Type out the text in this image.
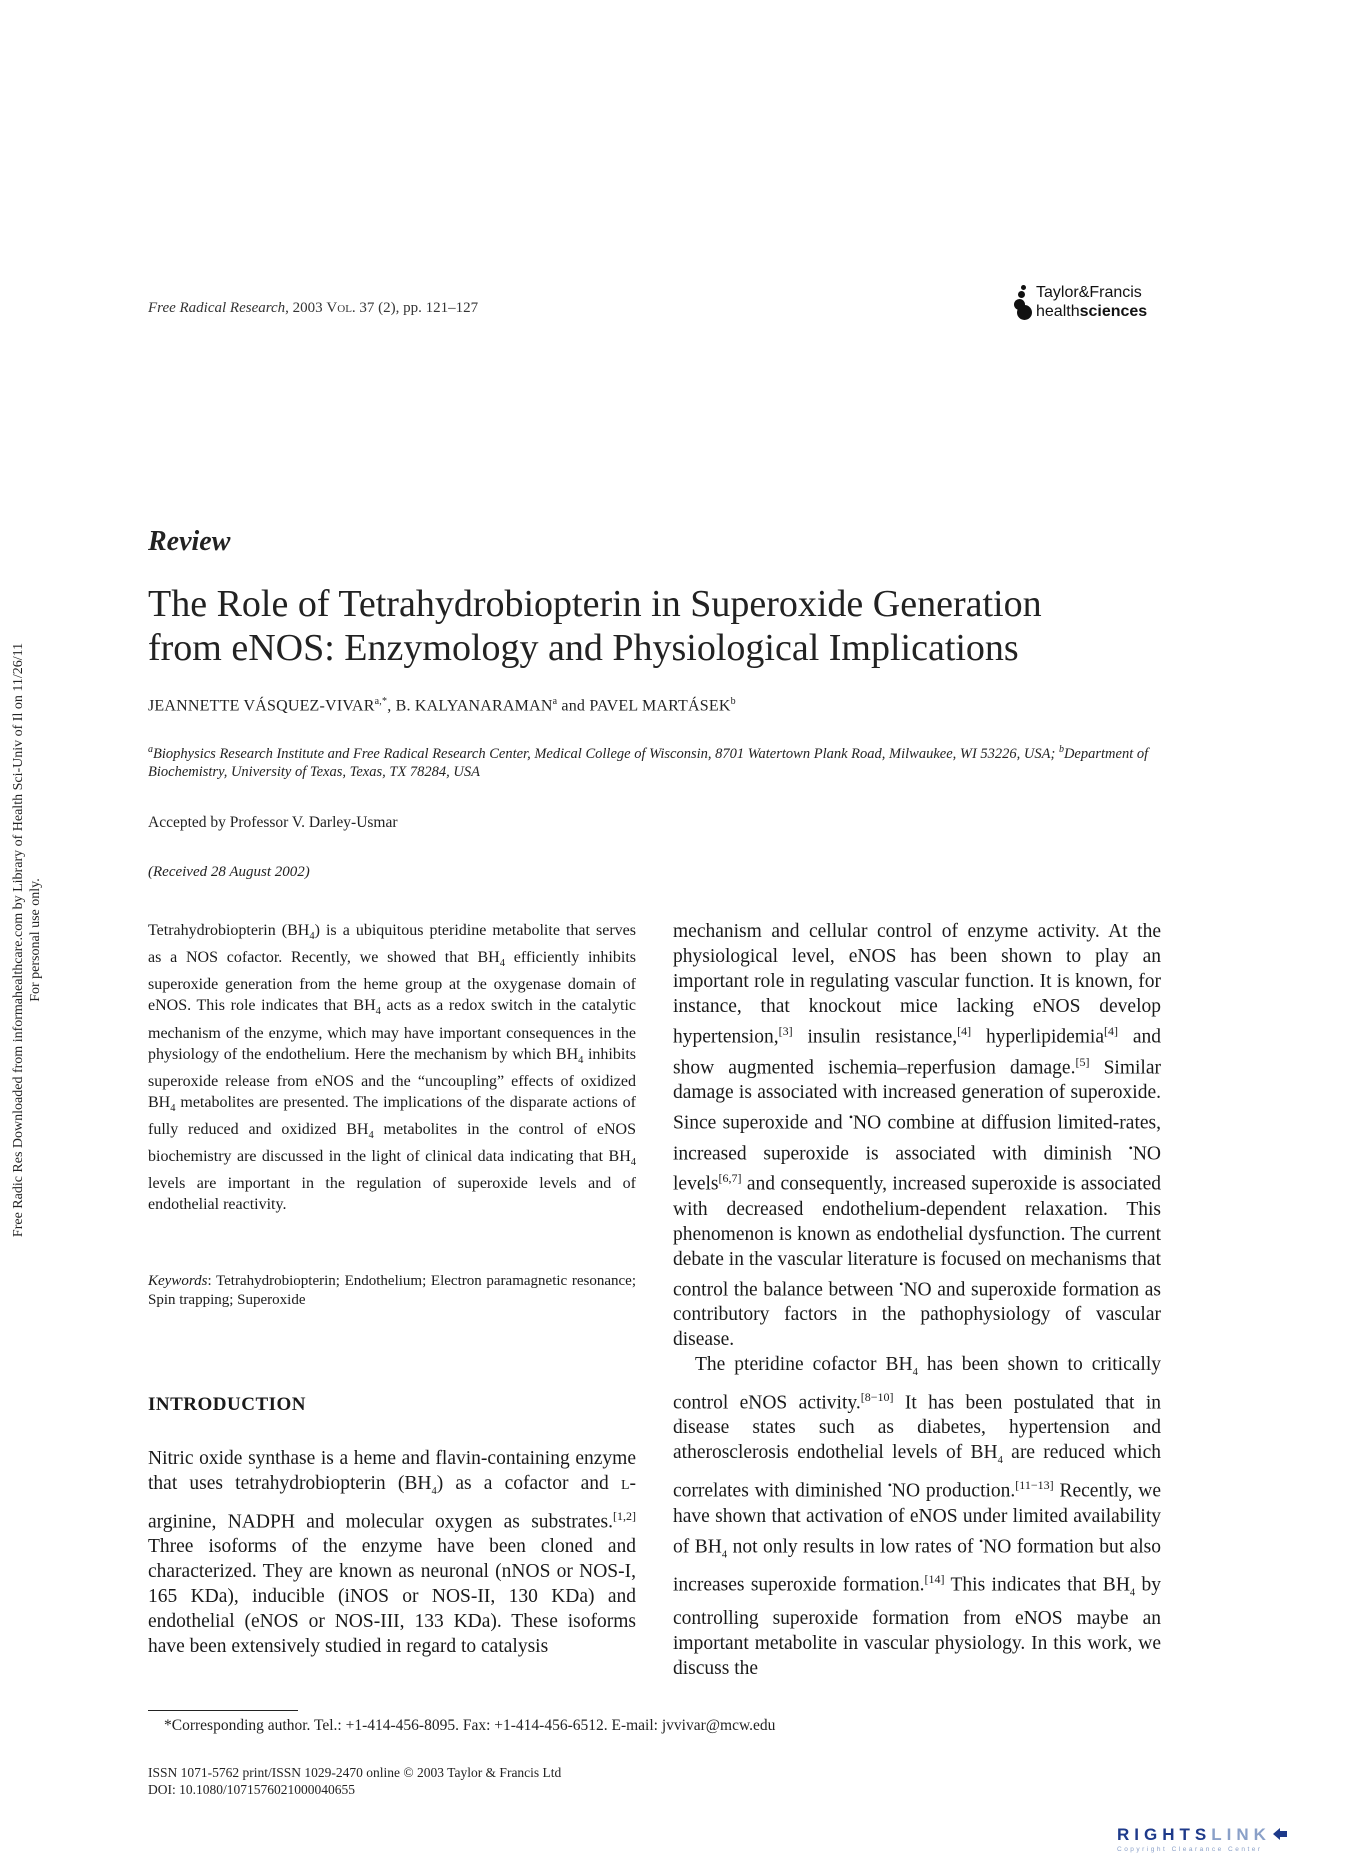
Free Radical Research, 2003 Vol. 37 (2), pp. 121–127
Taylor&Francis
healthsciences
Review
The Role of Tetrahydrobiopterin in Superoxide Generation
from eNOS: Enzymology and Physiological Implications
JEANNETTE VÁSQUEZ-$VIVAR^{a,*}$, B. KALYANARAMAN$^a$ and PAVEL MARTÁSEK$^b$
$^a$Biophysics Research Institute and Free Radical Research Center, Medical College of Wisconsin, 8701 Watertown Plank Road, Milwaukee, WI 53226, USA; $^b$Department of Biochemistry, University of Texas, Texas, TX 78284, USA
Accepted by Professor V. Darley-Usmar
(Received 28 August 2002)
Tetrahydrobiopterin $(BH_4)$ is a ubiquitous pteridine metabolite that serves as a NOS cofactor. Recently, we showed that $BH_4$ efficiently inhibits superoxide generation from the heme group at the oxygenase domain of eNOS. This role indicates that $BH_4$ acts as a redox switch in the catalytic mechanism of the enzyme, which may have important consequences in the physiology of the endothelium. Here the mechanism by which $BH_4$ inhibits superoxide release from eNOS and the “uncoupling” effects of oxidized $BH_4$ metabolites are presented. The implications of the disparate actions of fully reduced and oxidized $BH_4$ metabolites in the control of eNOS biochemistry are discussed in the light of clinical data indicating that $BH_4$ levels are important in the regulation of superoxide levels and of endothelial reactivity.
Keywords: Tetrahydrobiopterin; Endothelium; Electron paramagnetic resonance; Spin trapping; Superoxide
INTRODUCTION

Nitric oxide synthase is a heme and flavin-containing enzyme that uses tetrahydrobiopterin $(BH_4)$ as a cofactor and l-arginine, NADPH and molecular oxygen as substrates.[1,2] Three isoforms of the enzyme have been cloned and characterized. They are known as neuronal (nNOS or NOS-I, 165 KDa), inducible (iNOS or NOS-II, 130 KDa) and endothelial (eNOS or NOS-III, 133 KDa). These isoforms have been extensively studied in regard to catalysis

mechanism and cellular control of enzyme activity. At the physiological level, eNOS has been shown to play an important role in regulating vascular function. It is known, for instance, that knockout mice lacking eNOS develop hypertension,[3] insulin resistance,[4] hyperlipidemia[4] and show augmented ischemia–reperfusion damage.[5] Similar damage is associated with increased generation of superoxide. Since superoxide and •NO combine at diffusion limited-rates, increased superoxide is associated with diminish •NO levels[6,7] and consequently, increased superoxide is associated with decreased endothelium-dependent relaxation. This phenomenon is known as endothelial dysfunction. The current debate in the vascular literature is focused on mechanisms that control the balance between •NO and superoxide formation as contributory factors in the pathophysiology of vascular disease.

The pteridine cofactor $BH_4$ has been shown to critically control eNOS activity.[8−10] It has been postulated that in disease states such as diabetes, hypertension and atherosclerosis endothelial levels of $BH_4$ are reduced which correlates with diminished •NO production.[11−13] Recently, we have shown that activation of eNOS under limited availability of $BH_4$ not only results in low rates of •NO formation but also increases superoxide formation.[14] This indicates that $BH_4$ by controlling superoxide formation from eNOS maybe an important metabolite in vascular physiology. In this work, we discuss the

*Corresponding author. Tel.: +1-414-456-8095. Fax: +1-414-456-6512. E-mail: jvvivar@mcw.edu
ISSN 1071-5762 print/ISSN 1029-2470 online © 2003 Taylor & Francis Ltd
DOI: 10.1080/1071576021000040655
Free Radic Res Downloaded from informahealthcare.com by Library of Health Sci-Univ of Il on 11/26/11 For personal use only.
RIGHTSLINK
Copyright Clearance Center
